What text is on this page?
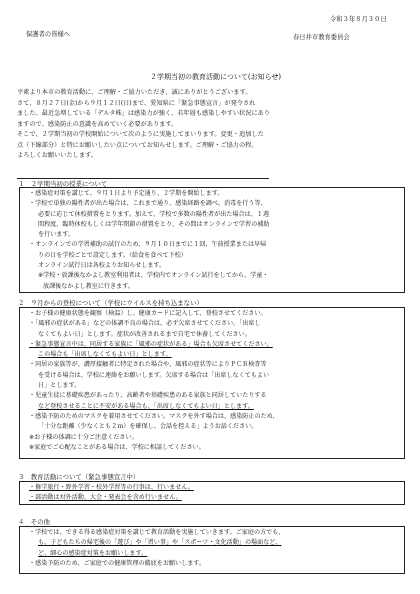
令和３年８月３０日
保護者の皆様へ	春日井市教育委員会
２学期当初の教育活動について(お知らせ)

平素より本市の教育活動に、ご理解・ご協力いただき、誠にありがとうございます。

さて、８月２７日(金)から９月１２日(日)まで、愛知県に「緊急事態宣言」が発令され

ました。最近急増している「デルタ株」は感染力が強く、若年層も感染しやすい状況にあり

ますので、感染防止の意識を高めていく必要があります。

そこで、２学期当初の学校開始について次のように実施してまいります。変更・追加した

点（下線部分）と特にお願いしたい点についてお知らせします。ご理解・ご協力の程、

よろしくお願いいたします。

１　２学期当初の授業について

・感染症対策を講じて、９月１日より予定通り、２学期を開始します。

・学校で単独の陽性者が出た場合は、これまで通り、感染経路を調べ、消毒を行う等、

必要に応じて休校措置をとります。加えて、学校で多数の陽性者が出た場合は、１週

間程度、臨時休校もしくは学年閉鎖の措置をとり、その間はオンラインで学習の補助

を行います。

・オンラインでの学習補助の試行のため、９月１０日までに１回、午前授業または早帰

りの日を学校ごとで設定します。（給食を食べて下校）

オンライン試行日は各校よりお知らせします。

※学校・放課後なかよし教室利用者は、学校内でオンライン試行をしてから、学童・

放課後なかよし教室に行きます。

２　９月からの登校について（学校にウイルスを持ち込まない）

・お子様の健康状態を観察（検温）し、健康カードに記入して、登校させてください。

・「風邪の症状がある」などの体調不良の場合は、必ず欠席させてください。「出席し

なくてもよい日」とします。症状が改善されるまで自宅で休養してください。

・緊急事態宣言中は、同居する家族に「風邪の症状がある」場合も欠席させてください。

この場合も「出席しなくてもよい日」とします。

・同居の家族等が、濃厚接触者に特定された場合や、風邪の症状等によりＰＣＲ検査等

を受ける場合は、学校に連絡をお願いします。欠席する場合は「出席しなくてもよい

日」とします。

・児童生徒に基礎疾患があったり、高齢者や基礎疾患のある家族と同居していたりする

など登校させることに不安がある場合も、「出席しなくてもよい日」とします。

・感染予防のためのマスクを着用させてください。マスクを外す場合は、感染防止のため、

「十分な距離（少なくとも２ｍ）を確保し、会話を控える」ようお話ください。

※お子様の体調に十分ご注意ください。

※家庭でご心配なことがある場合は、学校に相談してください。

３　教育活動について（緊急事態宣言中）

・修学旅行・野外学習・校外学習等の行事は、行いません。

・部活動は対外活動、大会・発表会を含め行いません。

４　その他

・学校では、できる得る感染症対策を講じて教育活動を実施していきます。ご家庭の方でも、

も、子どもたちの帰宅後の「遊び」や「習い事」や「スポーツ・文化活動」の場面など、

ど、細心の感染症対策をお願いします。

・感染予防のため、ご家庭での健康管理の徹底をお願いします。
